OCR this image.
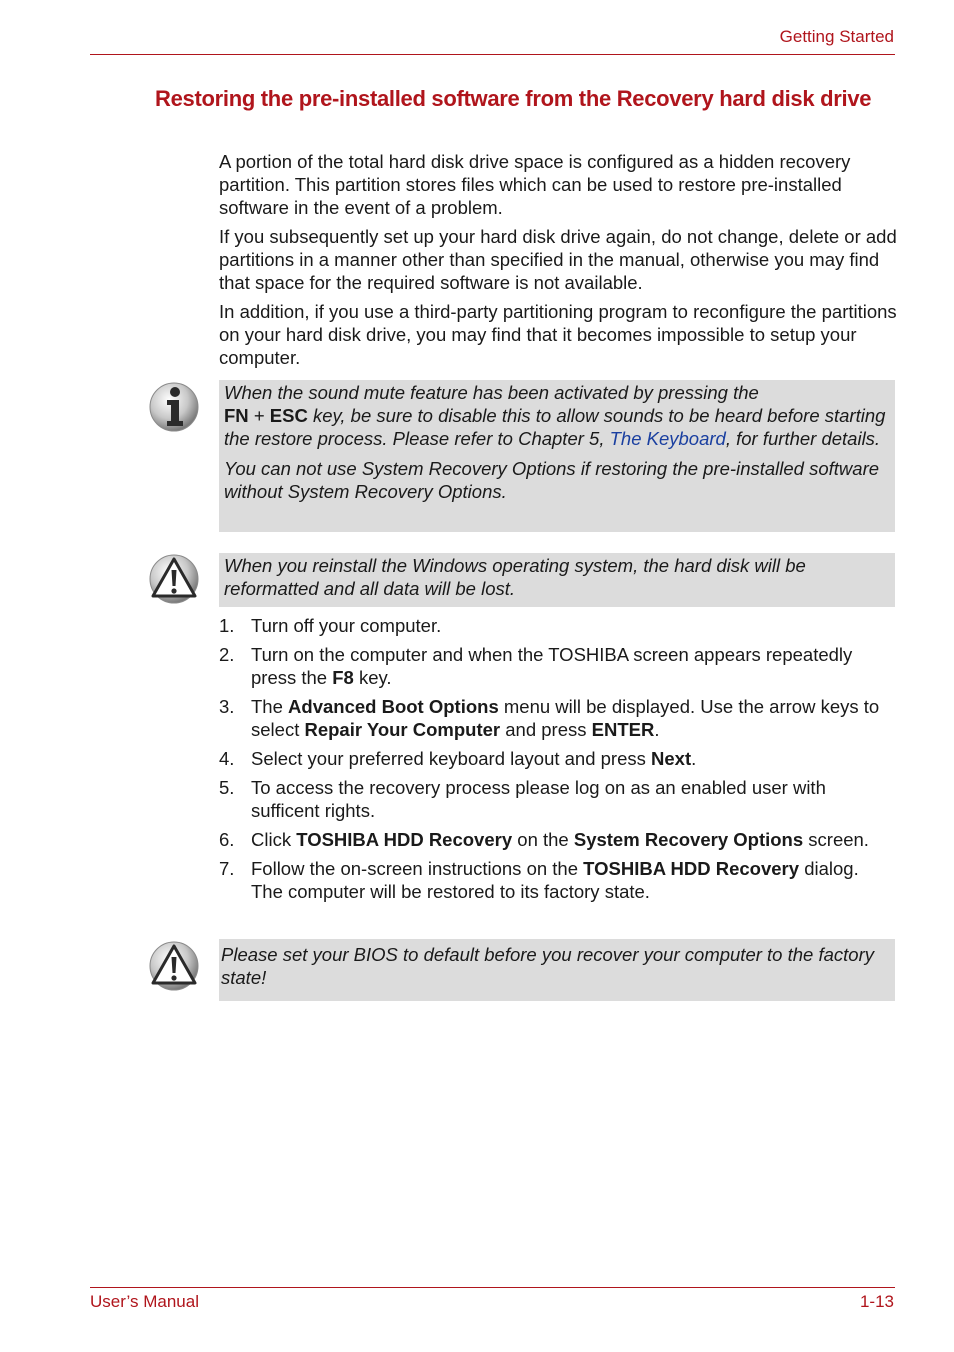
Getting Started
Restoring the pre-installed software from the Recovery hard disk drive

A portion of the total hard disk drive space is configured as a hidden recovery partition. This partition stores files which can be used to restore pre-installed software in the event of a problem.

If you subsequently set up your hard disk drive again, do not change, delete or add partitions in a manner other than specified in the manual, otherwise you may find that space for the required software is not available.

In addition, if you use a third-party partitioning program to reconfigure the partitions on your hard disk drive, you may find that it becomes impossible to setup your computer.

When the sound mute feature has been activated by pressing the
FN + ESC key, be sure to disable this to allow sounds to be heard before starting the restore process. Please refer to Chapter 5, The Keyboard, for further details.

You can not use System Recovery Options if restoring the pre-installed software without System Recovery Options.

When you reinstall the Windows operating system, the hard disk will be reformatted and all data will be lost.

1. Turn off your computer.
2. Turn on the computer and when the TOSHIBA screen appears repeatedly press the F8 key.
3. The Advanced Boot Options menu will be displayed. Use the arrow keys to select Repair Your Computer and press ENTER.
4. Select your preferred keyboard layout and press Next.
5. To access the recovery process please log on as an enabled user with sufficent rights.
6. Click TOSHIBA HDD Recovery on the System Recovery Options screen.
7. Follow the on-screen instructions on the TOSHIBA HDD Recovery dialog. The computer will be restored to its factory state.

Please set your BIOS to default before you recover your computer to the factory state!

User’s Manual	1-13
